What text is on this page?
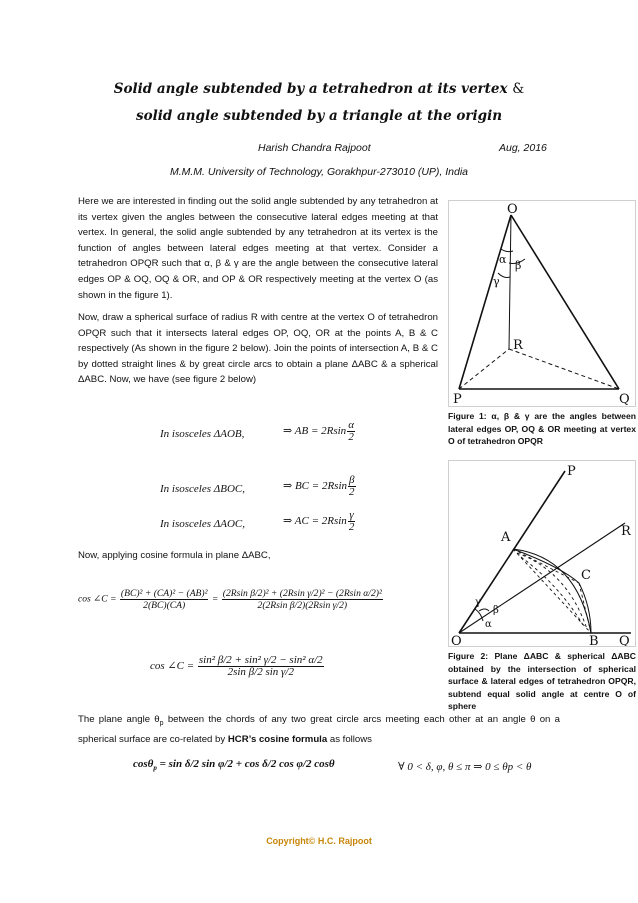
Solid angle subtended by a tetrahedron at its vertex &
solid angle subtended by a triangle at the origin
Harish Chandra Rajpoot	Aug, 2016
M.M.M. University of Technology, Gorakhpur-273010 (UP), India
Here we are interested in finding out the solid angle subtended by any tetrahedron at its vertex given the angles between the consecutive lateral edges meeting at that vertex. In general, the solid angle subtended by any tetrahedron at its vertex is the function of angles between lateral edges meeting at that vertex. Consider a tetrahedron OPQR such that α, β & γ are the angle between the consecutive lateral edges OP & OQ, OQ & OR, and OP & OR respectively meeting at the vertex O (as shown in the figure 1).
Now, draw a spherical surface of radius R with centre at the vertex O of tetrahedron OPQR such that it intersects lateral edges OP, OQ, OR at the points A, B & C respectively (As shown in the figure 2 below). Join the points of intersection A, B & C by dotted straight lines & by great circle arcs to obtain a plane ΔABC & a spherical ΔABC. Now, we have (see figure 2 below)
O
P	Q
R
α β
γ
Figure 1: α, β & γ are the angles between lateral edges OP, OQ & OR meeting at vertex O of tetrahedron OPQR
P
Q
R
O
A
B
C
α
β
γ
Figure 2: Plane ΔABC & spherical ΔABC obtained by the intersection of spherical surface & lateral edges of tetrahedron OPQR, subtend equal solid angle at centre O of sphere
In isosceles ΔAOB,	⇒ AB = $2Rsin \frac{\alpha}{2}$
In isosceles ΔBOC,	⇒ BC = $2Rsin \frac{\beta}{2}$
In isosceles ΔAOC,	⇒ AC = $2Rsin \frac{\gamma}{2}$
Now, applying cosine formula in plane ΔABC,
cos ∠C = $\frac{\text{(BC)² + (CA)² − (AB)²}}{2(BC)(CA)} = \frac{\text{(2Rsin β/2)² + (2Rsin γ/2)² − (2Rsin α/2)²}}{\text{2(2Rsin β/2)(2Rsin γ/2)}}$
cos ∠C = $\frac{\text{sin² β/2 + sin² γ/2 − sin² α/2}}{\text{2sin β/2 sin γ/2}}$
The plane angle $\theta_p$ between the chords of any two great circle arcs meeting each other at an angle θ on a spherical surface are co-related by HCR’s cosine formula as follows
cosθ$_p$ = sin δ/2 sin φ/2 + cos δ/2 cos φ/2 cosθ	∀ 0 < δ, φ, θ ≤ π ⇒ 0 ≤ θp < θ
Copyright© H.C. Rajpoot
